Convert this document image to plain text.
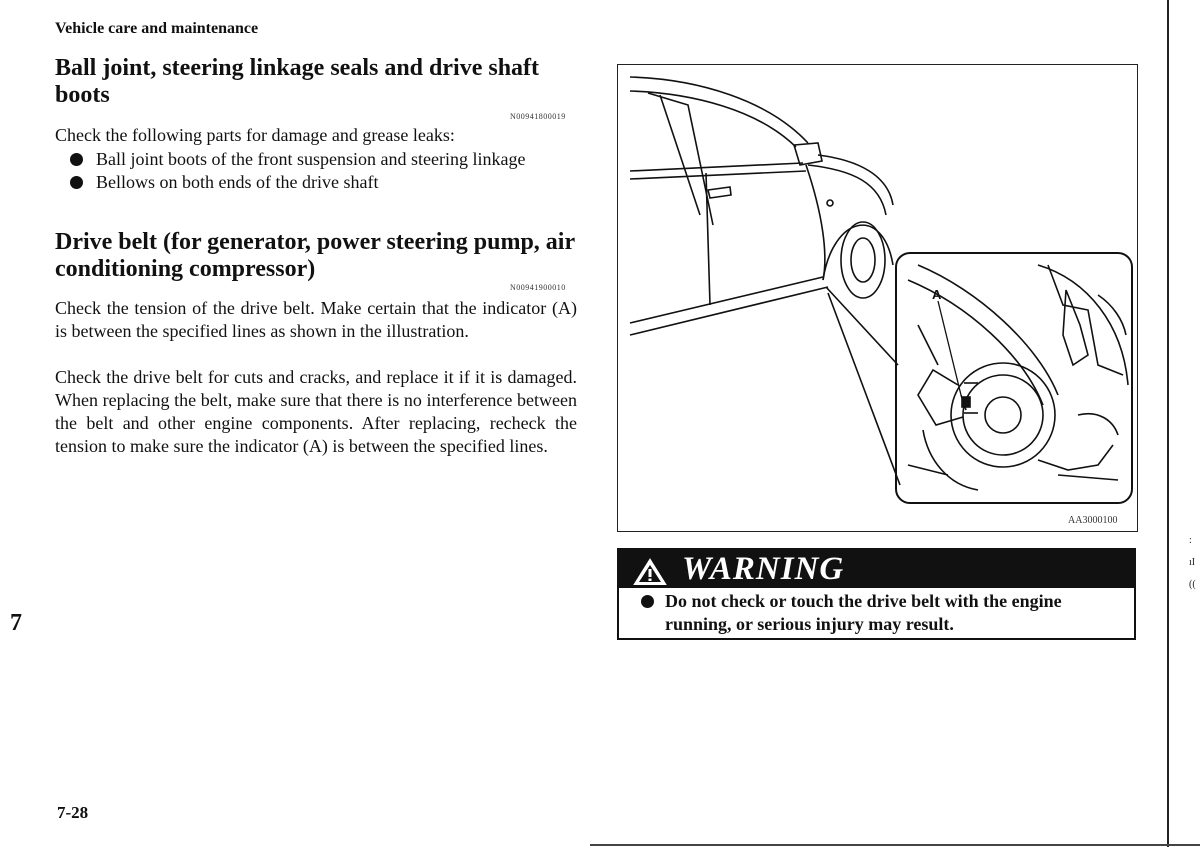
Vehicle care and maintenance
Ball joint, steering linkage seals and drive shaft boots
N00941800019
Check the following parts for damage and grease leaks:
Ball joint boots of the front suspension and steering linkage
Bellows on both ends of the drive shaft
Drive belt (for generator, power steering pump, air conditioning compressor)
N00941900010
Check the tension of the drive belt. Make certain that the indicator (A) is between the specified lines as shown in the illustration.
Check the drive belt for cuts and cracks, and replace it if it is damaged. When replacing the belt, make sure that there is no interference between the belt and other engine components. After replacing, recheck the tension to make sure the indicator (A) is between the specified lines.
7
7-28
A
AA3000100
WARNING
Do not check or touch the drive belt with the engine running, or serious injury may result.
:
ıI
((
